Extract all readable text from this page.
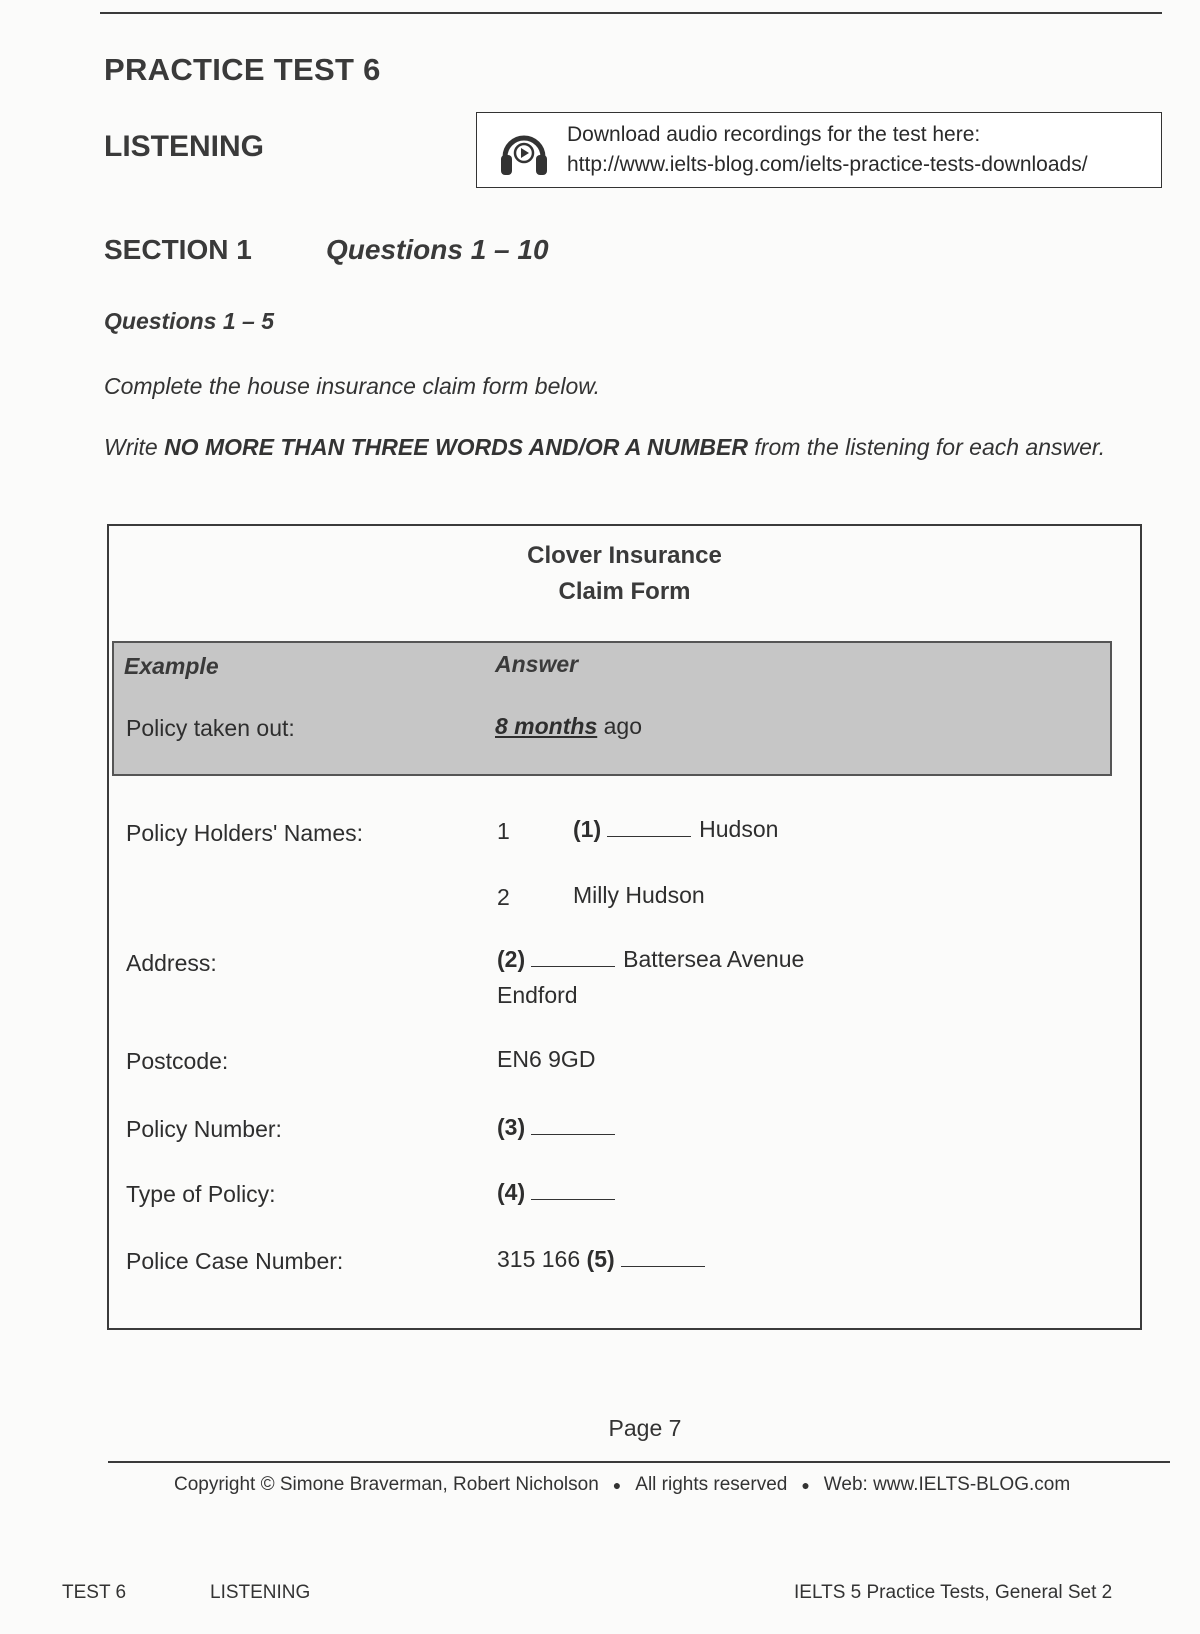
PRACTICE TEST 6
LISTENING	Download audio recordings for the test here:
http://www.ielts-blog.com/ielts-practice-tests-downloads/
SECTION 1	Questions 1 – 10
Questions 1 – 5
Complete the house insurance claim form below.
Write NO MORE THAN THREE WORDS AND/OR A NUMBER from the listening for each answer.
Clover Insurance
Claim Form
Example	Answer
Policy taken out:	8 months ago
Policy Holders' Names:	1	(1)	Hudson
2	Milly Hudson
Address:	(2)	Battersea Avenue
Endford
Postcode:	EN6 9GD
Policy Number:	(3)
Type of Policy:	(4)
Police Case Number:	315 166 (5)
Page 7
Copyright © Simone Braverman, Robert Nicholson ● All rights reserved ● Web: www.IELTS-BLOG.com
TEST 6	LISTENING	IELTS 5 Practice Tests, General Set 2
